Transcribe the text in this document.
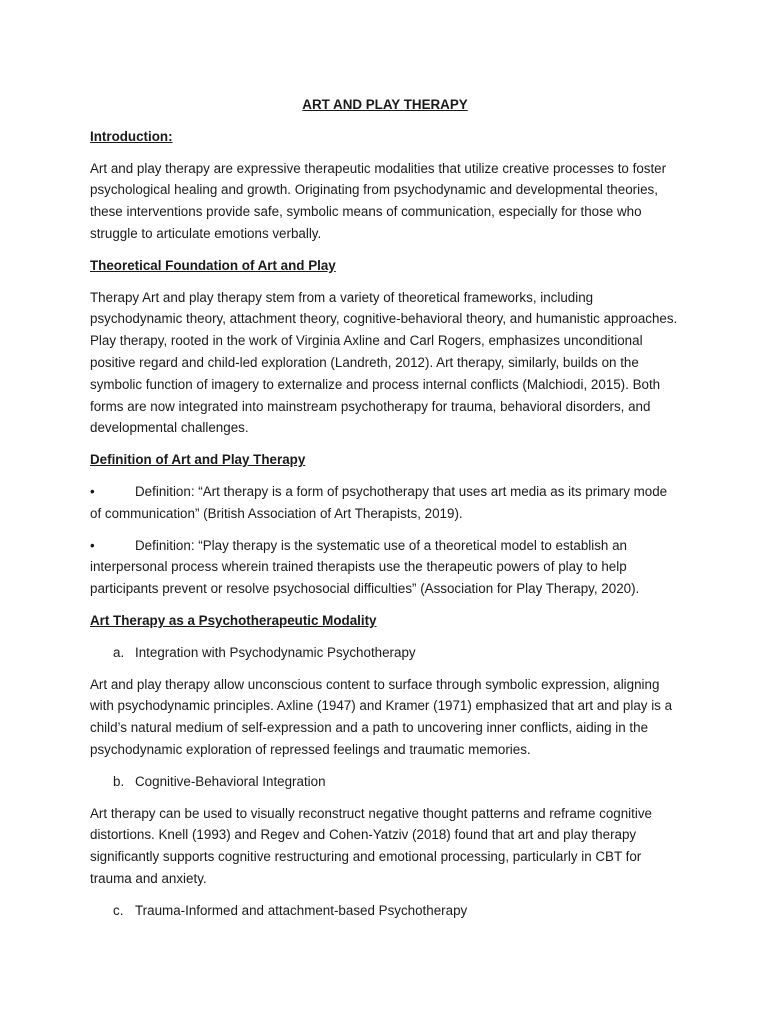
ART AND PLAY THERAPY
Introduction:

Art and play therapy are expressive therapeutic modalities that utilize creative processes to foster psychological healing and growth. Originating from psychodynamic and developmental theories, these interventions provide safe, symbolic means of communication, especially for those who struggle to articulate emotions verbally.

Theoretical Foundation of Art and Play

Therapy Art and play therapy stem from a variety of theoretical frameworks, including psychodynamic theory, attachment theory, cognitive-behavioral theory, and humanistic approaches. Play therapy, rooted in the work of Virginia Axline and Carl Rogers, emphasizes unconditional positive regard and child-led exploration (Landreth, 2012). Art therapy, similarly, builds on the symbolic function of imagery to externalize and process internal conflicts (Malchiodi, 2015). Both forms are now integrated into mainstream psychotherapy for trauma, behavioral disorders, and developmental challenges.

Definition of Art and Play Therapy
•	Definition: “Art therapy is a form of psychotherapy that uses art media as its primary mode of communication” (British Association of Art Therapists, 2019).
•	Definition: “Play therapy is the systematic use of a theoretical model to establish an interpersonal process wherein trained therapists use the therapeutic powers of play to help participants prevent or resolve psychosocial difficulties” (Association for Play Therapy, 2020).
Art Therapy as a Psychotherapeutic Modality
a. Integration with Psychodynamic Psychotherapy

Art and play therapy allow unconscious content to surface through symbolic expression, aligning with psychodynamic principles. Axline (1947) and Kramer (1971) emphasized that art and play is a child’s natural medium of self-expression and a path to uncovering inner conflicts, aiding in the psychodynamic exploration of repressed feelings and traumatic memories.

b. Cognitive-Behavioral Integration

Art therapy can be used to visually reconstruct negative thought patterns and reframe cognitive distortions. Knell (1993) and Regev and Cohen-Yatziv (2018) found that art and play therapy significantly supports cognitive restructuring and emotional processing, particularly in CBT for trauma and anxiety.

c. Trauma-Informed and attachment-based Psychotherapy
